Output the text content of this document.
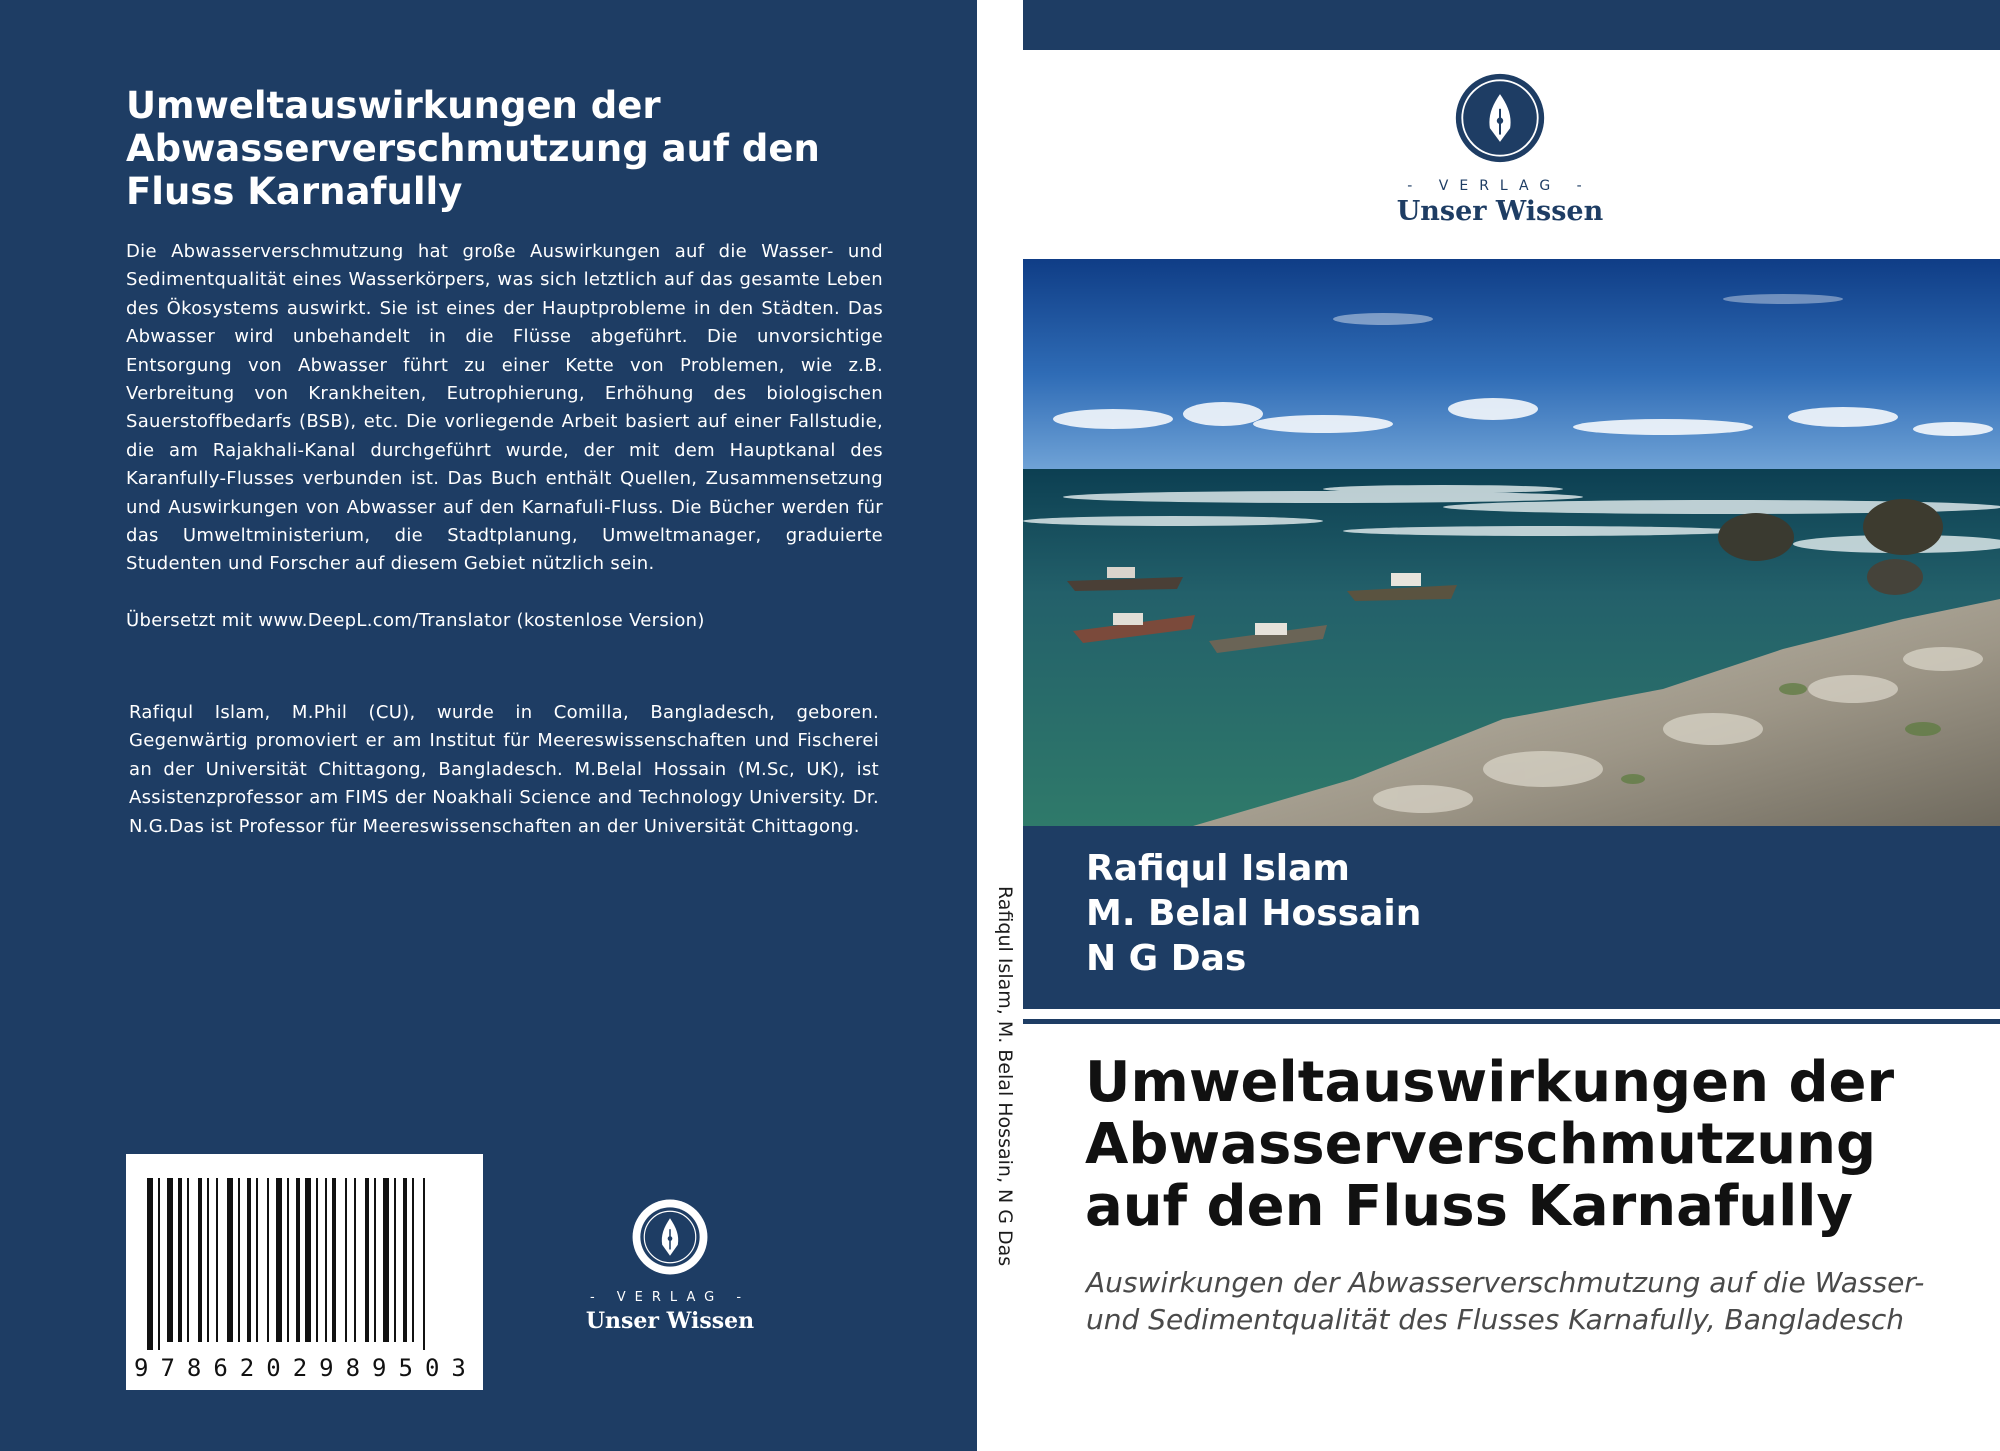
Umweltauswirkungen der Abwasserverschmutzung auf den Fluss Karnafully

Die Abwasserverschmutzung hat große Auswirkungen auf die Wasser- und Sedimentqualität eines Wasserkörpers, was sich letztlich auf das gesamte Leben des Ökosystems auswirkt. Sie ist eines der Hauptprobleme in den Städten. Das Abwasser wird unbehandelt in die Flüsse abgeführt. Die unvorsichtige Entsorgung von Abwasser führt zu einer Kette von Problemen, wie z.B. Verbreitung von Krankheiten, Eutrophierung, Erhöhung des biologischen Sauerstoffbedarfs (BSB), etc. Die vorliegende Arbeit basiert auf einer Fallstudie, die am Rajakhali-Kanal durchgeführt wurde, der mit dem Hauptkanal des Karanfully-Flusses verbunden ist. Das Buch enthält Quellen, Zusammensetzung und Auswirkungen von Abwasser auf den Karnafuli-Fluss. Die Bücher werden für das Umweltministerium, die Stadtplanung, Umweltmanager, graduierte Studenten und Forscher auf diesem Gebiet nützlich sein.

Übersetzt mit www.DeepL.com/Translator (kostenlose Version)

Rafiqul Islam, M.Phil (CU), wurde in Comilla, Bangladesch, geboren. Gegenwärtig promoviert er am Institut für Meereswissenschaften und Fischerei an der Universität Chittagong, Bangladesch. M.Belal Hossain (M.Sc, UK), ist Assistenzprofessor am FIMS der Noakhali Science and Technology University. Dr. N.G.Das ist Professor für Meereswissenschaften an der Universität Chittagong.

9786202989503
- VERLAG -
Unser Wissen
Rafiqul Islam, M. Belal Hossain, N G Das
- VERLAG -
Unser Wissen
Rafiqul Islam
M. Belal Hossain
N G Das
Umweltauswirkungen der Abwasserverschmutzung auf den Fluss Karnafully

Auswirkungen der Abwasserverschmutzung auf die Wasser- und Sedimentqualität des Flusses Karnafully, Bangladesch
